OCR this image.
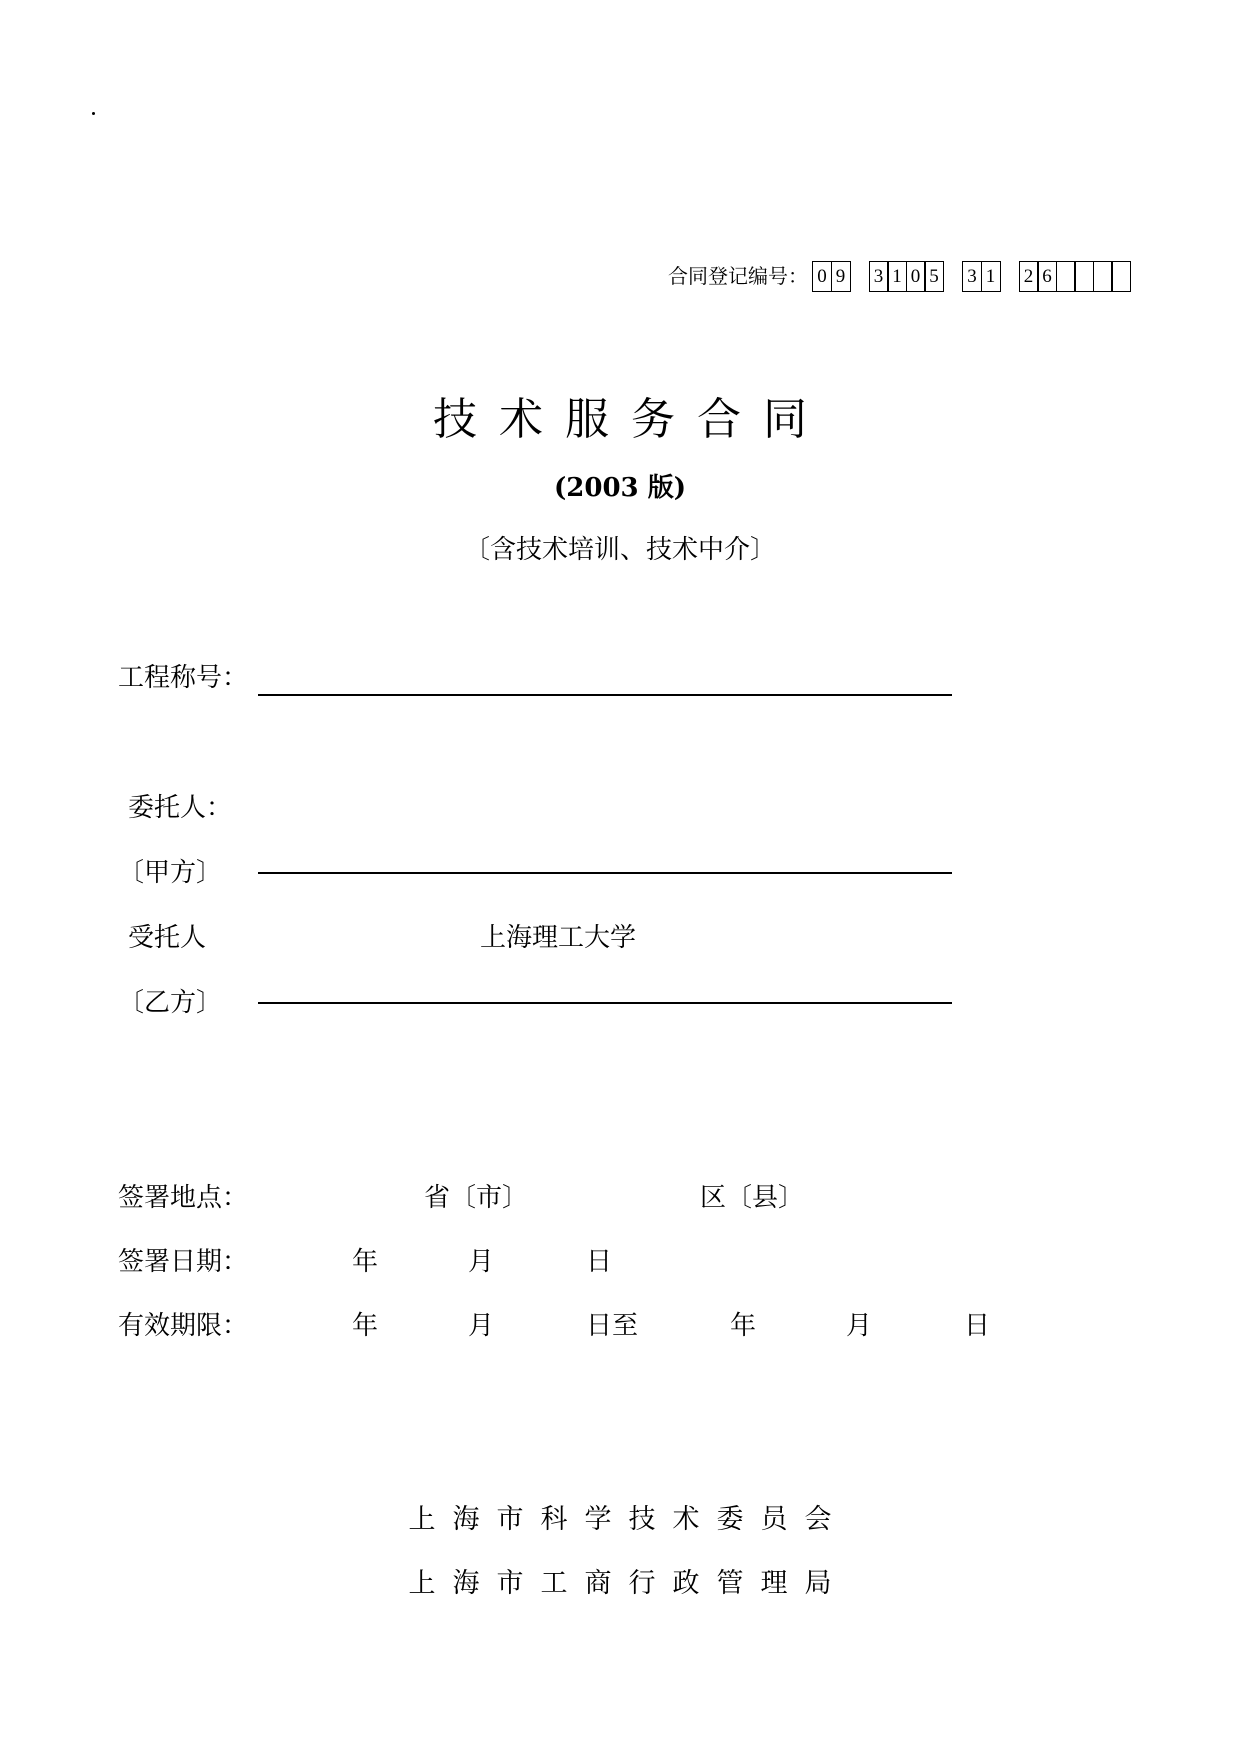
合同登记编号： 0 9 3 1 0 5 3 1 2 6
技术服务合同
(2003 版)
〔含技术培训、技术中介〕
工程称号：
委托人：
〔甲方〕
受托人	上海理工大学
〔乙方〕
签署地点：	省〔市〕	区〔县〕
签署日期：	年	月	日
有效期限：	年	月	日至	年	月	日
上海市科学技术委员会
上海市工商行政管理局
